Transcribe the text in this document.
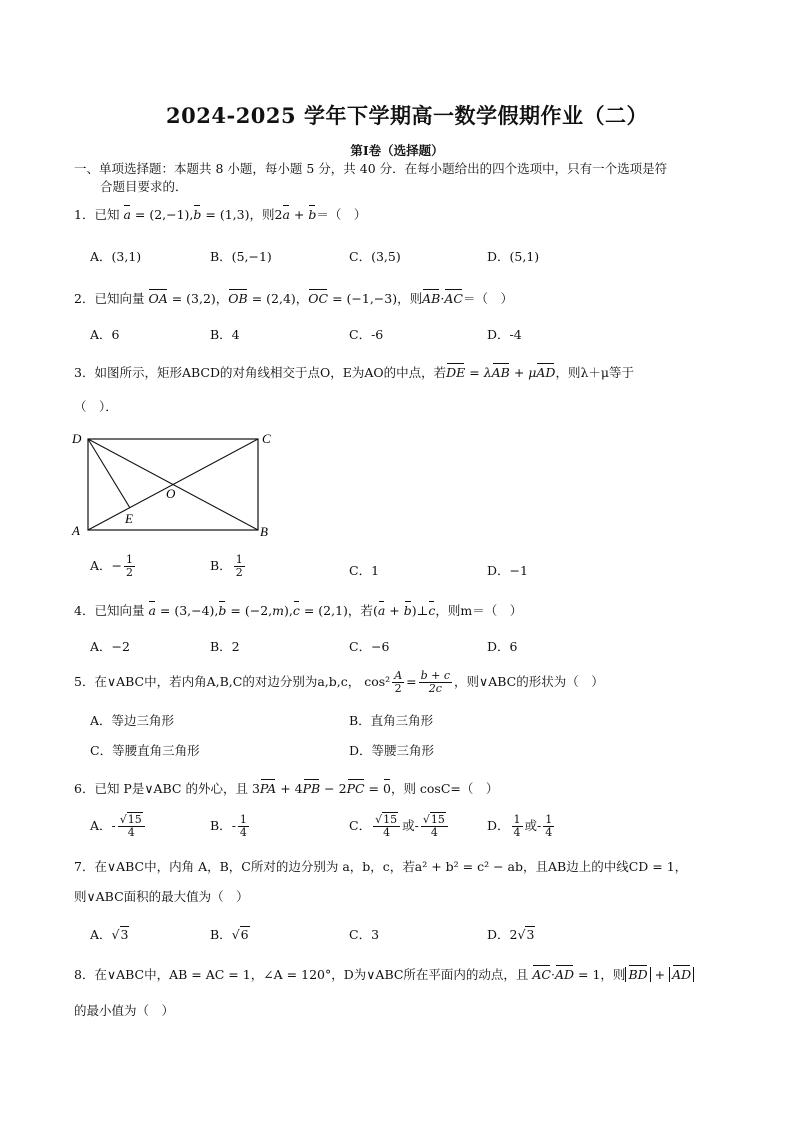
2024-2025 学年下学期高一数学假期作业（二）
第Ⅰ卷（选择题）
一、单项选择题：本题共 8 小题，每小题 5 分，共 40 分．在每小题给出的四个选项中，只有一个选项是符
合题目要求的．
1．已知 a = (2,−1),b = (1,3)，则2a + b＝（　）
A．(3,1)	B．(5,−1)	C．(3,5)	D．(5,1)
2．已知向量 OA = (3,2)，OB = (2,4)，OC = (−1,−3)，则AB·AC＝（　）
A．6	B．4	C．-6	D．-4
3．如图所示，矩形ABCD的对角线相交于点O，E为AO的中点，若DE = λAB + μAD，则λ＋μ等于
（　）．
D	C
A	B
O
E
A．− $\frac{1}{2}$	B． $\frac{1}{2}$	C．1	D．−1
4．已知向量 a = (3,−4),b = (−2,m),c = (2,1)，若(a + b)⊥c，则m＝（　）
A．−2	B．2	C．−6	D．6
5．在∨ABC中，若内角A,B,C的对边分别为a,b,c， $\cos^2 \frac{A}{2} = \frac{b + c}{2c}$ ，则∨ABC的形状为（　）
A．等边三角形	B．直角三角形
C．等腰直角三角形	D．等腰三角形
6．已知 P是∨ABC 的外心，且 3PA + 4PB − 2PC = 0，则 cosC=（　）
A．- $\frac{√15}{4}$	B．- $\frac{1}{4}$	C． $\frac{√15}{4}$ 或- $\frac{√15}{4}$	D． $\frac{1}{4}$ 或- $\frac{1}{4}$
7．在∨ABC中，内角 A，B，C所对的边分别为 a，b，c，若a² + b² = c² − ab，且AB边上的中线CD = 1，
则∨ABC面积的最大值为（　）
A．√3	B．√6	C．3	D．2√3
8．在∨ABC中，AB = AC = 1，∠A = 120°，D为∨ABC所在平面内的动点，且 AC·AD = 1，则 BD + AD
的最小值为（　）
